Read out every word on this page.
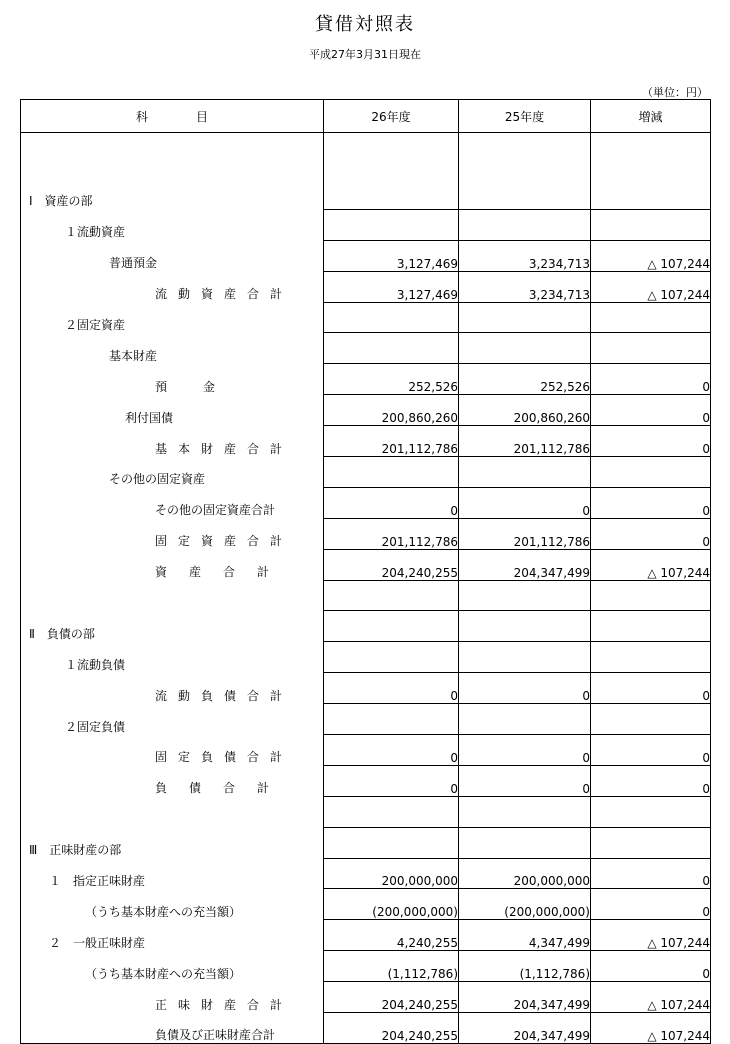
貸借対照表
平成27年3月31日現在
（単位：円）
科　　　　目	26年度	25年度	増減

Ⅰ　資産の部			
１流動資産			
普通預金	3,127,469	3,234,713	△ 107,244
流動資産合計	3,127,469	3,234,713	△ 107,244
２固定資産			
基本財産			
預金	252,526	252,526	0
利付国債	200,860,260	200,860,260	0
基本財産合計	201,112,786	201,112,786	0
その他の固定資産			
その他の固定資産合計	0	0	0
固定資産合計	201,112,786	201,112,786	0
資産合計	204,240,255	204,347,499	△ 107,244

Ⅱ　負債の部			
１流動負債			
流動負債合計	0	0	0
２固定負債			
固定負債合計	0	0	0
負債合計	0	0	0

Ⅲ　正味財産の部			
１　指定正味財産	200,000,000	200,000,000	0
（うち基本財産への充当額）	(200,000,000)	(200,000,000)	0
２　一般正味財産	4,240,255	4,347,499	△ 107,244
（うち基本財産への充当額）	(1,112,786)	(1,112,786)	0
正味財産合計	204,240,255	204,347,499	△ 107,244
負債及び正味財産合計	204,240,255	204,347,499	△ 107,244
